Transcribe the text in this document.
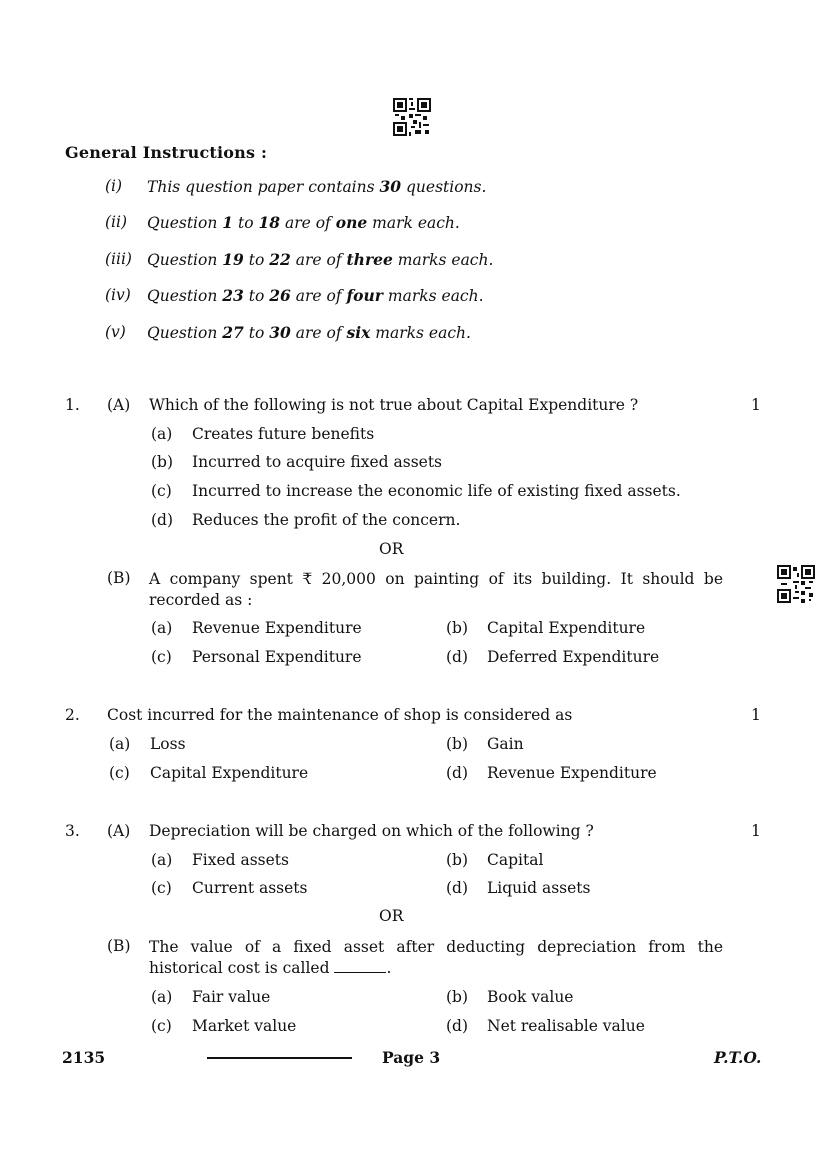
General Instructions :
(i) This question paper contains 30 questions.
(ii) Question 1 to 18 are of one mark each.
(iii) Question 19 to 22 are of three marks each.
(iv) Question 23 to 26 are of four marks each.
(v) Question 27 to 30 are of six marks each.
1. (A) Which of the following is not true about Capital Expenditure ?	1
(a) Creates future benefits
(b) Incurred to acquire fixed assets
(c) Incurred to increase the economic life of existing fixed assets.
(d) Reduces the profit of the concern.
OR
(B) A company spent ₹ 20,000 on painting of its building. It should be recorded as :
(a) Revenue Expenditure	(b) Capital Expenditure
(c) Personal Expenditure	(d) Deferred Expenditure
2. Cost incurred for the maintenance of shop is considered as	1
(a) Loss	(b) Gain
(c) Capital Expenditure	(d) Revenue Expenditure
3. (A) Depreciation will be charged on which of the following ?	1
(a) Fixed assets	(b) Capital
(c) Current assets	(d) Liquid assets
OR
(B) The value of a fixed asset after deducting depreciation from the historical cost is called	.
(a) Fair value	(b) Book value
(c) Market value	(d) Net realisable value
2135	Page 3	P.T.O.
